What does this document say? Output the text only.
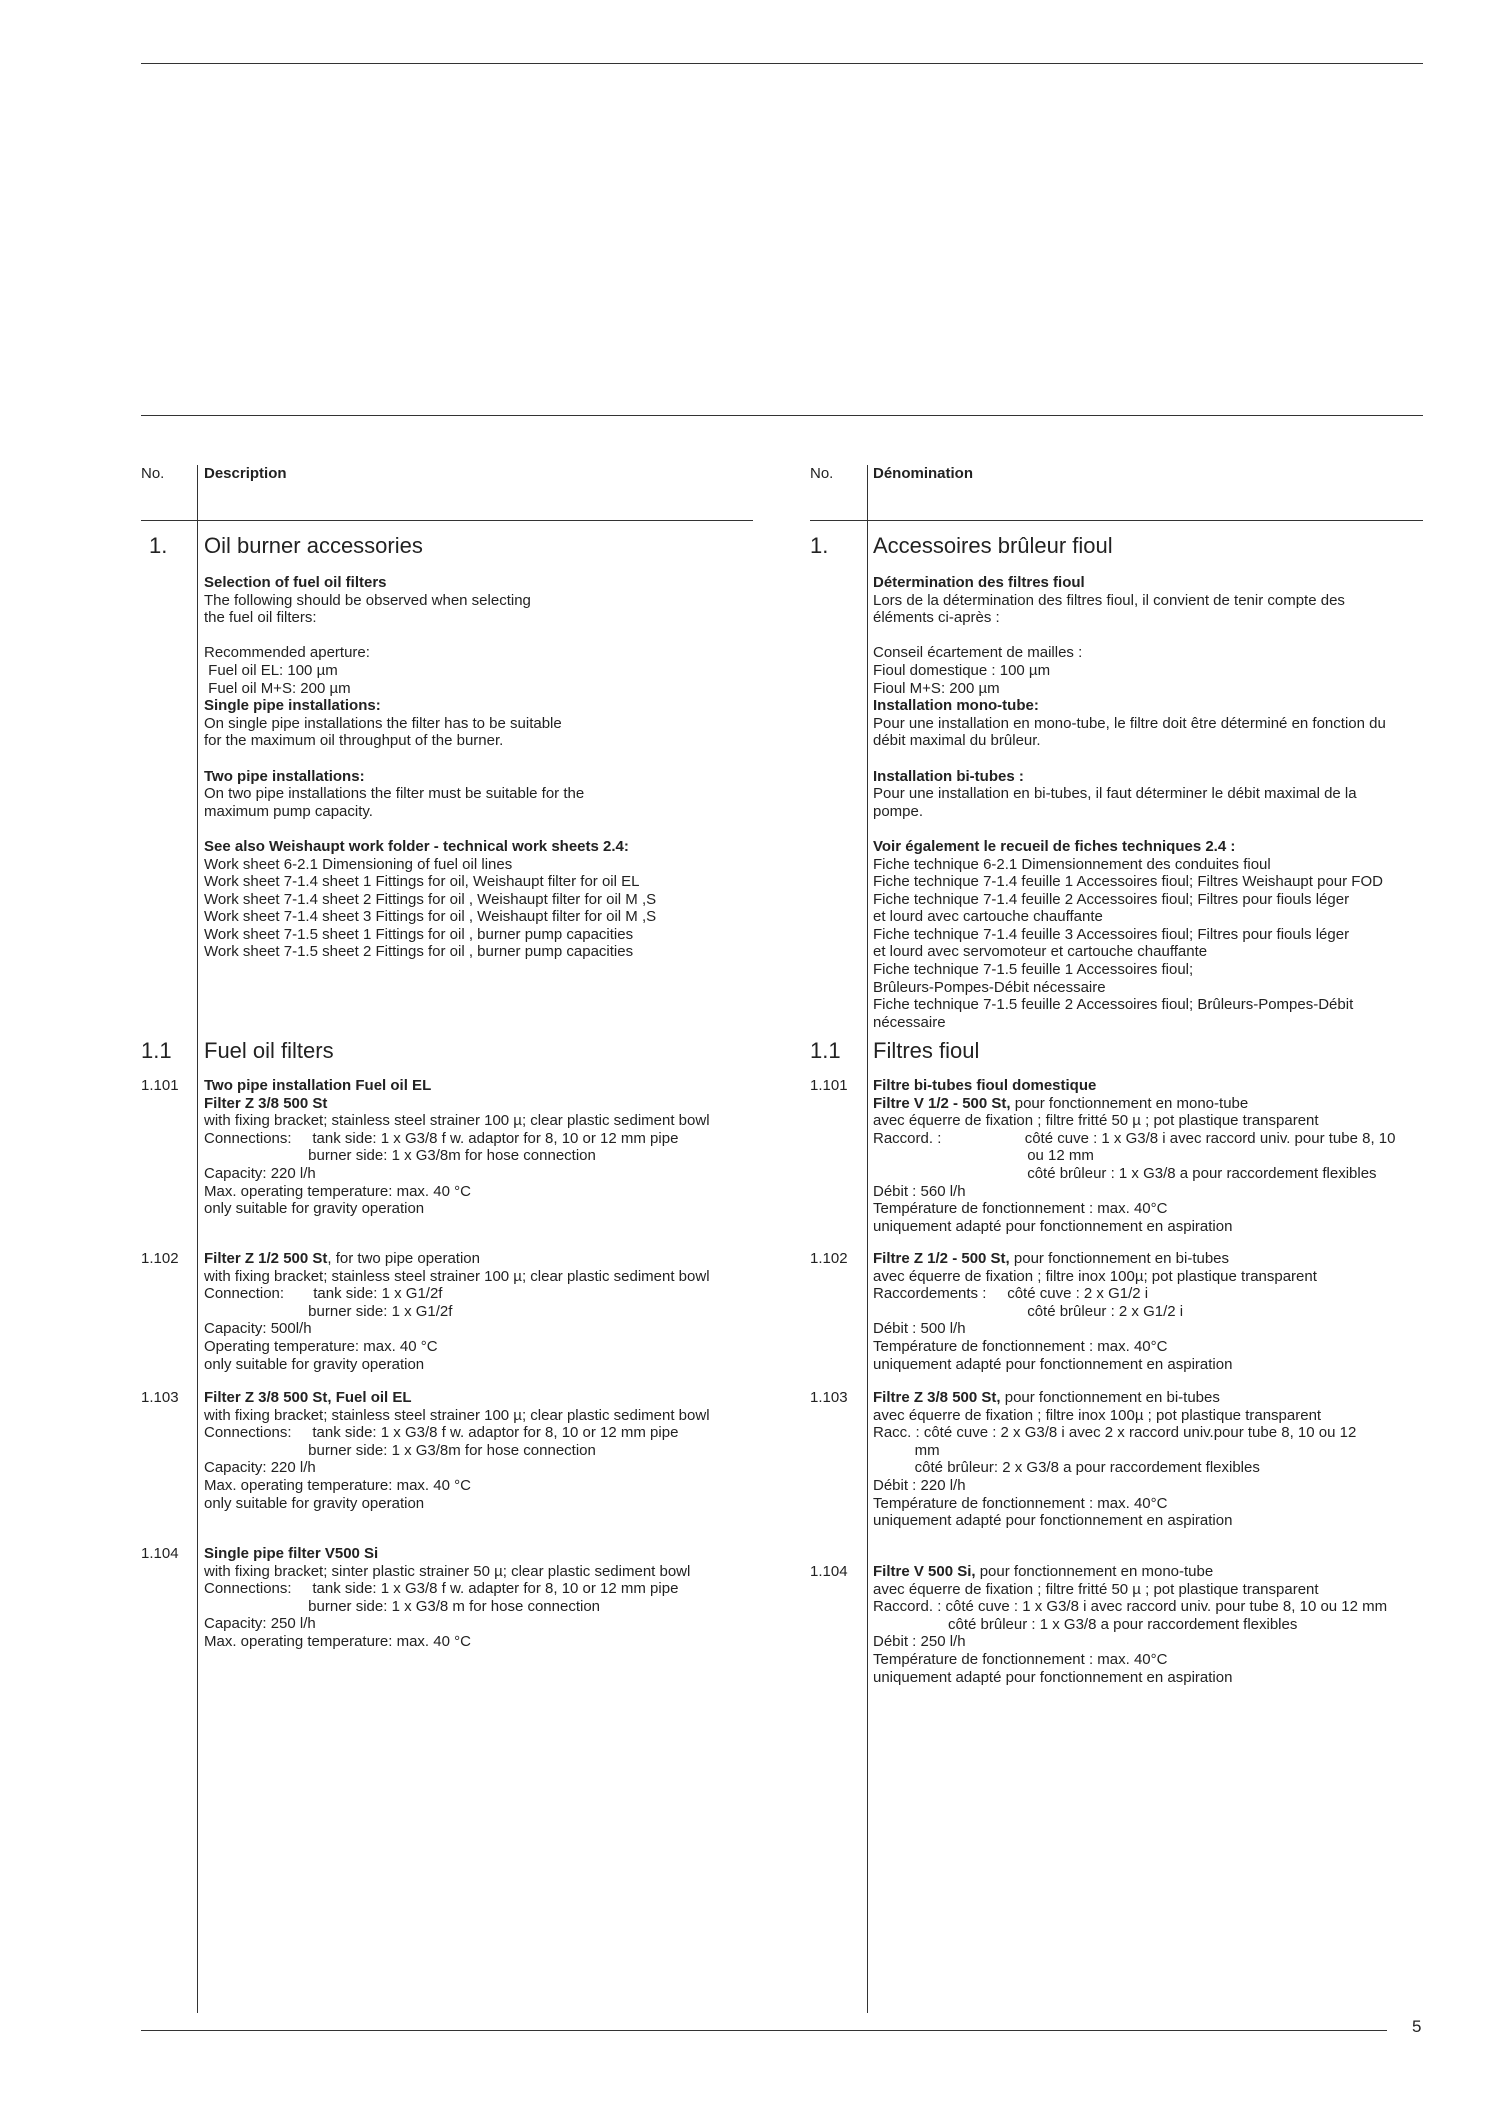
5
No.	Description
1. Oil burner accessories
Selection of fuel oil filters
The following should be observed when selecting
the fuel oil filters:
Recommended aperture:
Fuel oil EL: 100 µm
Fuel oil M+S: 200 µm
Single pipe installations:
On single pipe installations the filter has to be suitable
for the maximum oil throughput of the burner.
Two pipe installations:
On two pipe installations the filter must be suitable for the
maximum pump capacity.
See also Weishaupt work folder - technical work sheets 2.4:
Work sheet 6-2.1 Dimensioning of fuel oil lines
Work sheet 7-1.4 sheet 1 Fittings for oil, Weishaupt filter for oil EL
Work sheet 7-1.4 sheet 2 Fittings for oil , Weishaupt filter for oil M ,S
Work sheet 7-1.4 sheet 3 Fittings for oil , Weishaupt filter for oil M ,S
Work sheet 7-1.5 sheet 1 Fittings for oil , burner pump capacities
Work sheet 7-1.5 sheet 2 Fittings for oil , burner pump capacities
1.1 Fuel oil filters
1.101 Two pipe installation Fuel oil EL
Filter Z 3/8 500 St
with fixing bracket; stainless steel strainer 100 µ; clear plastic sediment bowl
Connections:     tank side: 1 x G3/8 f w. adaptor for 8, 10 or 12 mm pipe
burner side: 1 x G3/8m for hose connection
Capacity: 220 l/h
Max. operating temperature: max. 40 °C
only suitable for gravity operation
1.102 Filter Z 1/2 500 St, for two pipe operation
with fixing bracket; stainless steel strainer 100 µ; clear plastic sediment bowl
Connection:       tank side: 1 x G1/2f
burner side: 1 x G1/2f
Capacity: 500l/h
Operating temperature: max. 40 °C
only suitable for gravity operation
1.103 Filter Z 3/8 500 St, Fuel oil EL
with fixing bracket; stainless steel strainer 100 µ; clear plastic sediment bowl
Connections:     tank side: 1 x G3/8 f w. adaptor for 8, 10 or 12 mm pipe
burner side: 1 x G3/8m for hose connection
Capacity: 220 l/h
Max. operating temperature: max. 40 °C
only suitable for gravity operation
1.104 Single pipe filter V500 Si
with fixing bracket; sinter plastic strainer 50 µ; clear plastic sediment bowl
Connections:     tank side: 1 x G3/8 f w. adapter for 8, 10 or 12 mm pipe
burner side: 1 x G3/8 m for hose connection
Capacity: 250 l/h
Max. operating temperature: max. 40 °C
No.	Dénomination
1. Accessoires brûleur fioul
Détermination des filtres fioul
Lors de la détermination des filtres fioul, il convient de tenir compte des
éléments ci-après :
Conseil écartement de mailles :
Fioul domestique : 100 µm
Fioul M+S: 200 µm
Installation mono-tube:
Pour une installation en mono-tube, le filtre doit être déterminé en fonction du
débit maximal du brûleur.
Installation bi-tubes :
Pour une installation en bi-tubes, il faut déterminer le débit maximal de la
pompe.
Voir également le recueil de fiches techniques 2.4 :
Fiche technique 6-2.1 Dimensionnement des conduites fioul
Fiche technique 7-1.4 feuille 1 Accessoires fioul; Filtres Weishaupt pour FOD
Fiche technique 7-1.4 feuille 2 Accessoires fioul; Filtres pour fiouls léger
et lourd avec cartouche chauffante
Fiche technique 7-1.4 feuille 3 Accessoires fioul; Filtres pour fiouls léger
et lourd avec servomoteur et cartouche chauffante
Fiche technique 7-1.5 feuille 1 Accessoires fioul;
Brûleurs-Pompes-Débit nécessaire
Fiche technique 7-1.5 feuille 2 Accessoires fioul; Brûleurs-Pompes-Débit
nécessaire
1.1 Filtres fioul
1.101 Filtre bi-tubes fioul domestique
Filtre V 1/2 - 500 St, pour fonctionnement en mono-tube
avec équerre de fixation ; filtre fritté 50 µ ; pot plastique transparent
Raccord. :                    côté cuve : 1 x G3/8 i avec raccord univ. pour tube 8, 10
ou 12 mm
côté brûleur : 1 x G3/8 a pour raccordement flexibles
Débit : 560 l/h
Température de fonctionnement : max. 40°C
uniquement adapté pour fonctionnement en aspiration
1.102 Filtre Z 1/2 - 500 St, pour fonctionnement en bi-tubes
avec équerre de fixation ; filtre inox 100µ; pot plastique transparent
Raccordements :     côté cuve : 2 x G1/2 i
côté brûleur : 2 x G1/2 i
Débit : 500 l/h
Température de fonctionnement : max. 40°C
uniquement adapté pour fonctionnement en aspiration
1.103 Filtre Z 3/8 500 St, pour fonctionnement en bi-tubes
avec équerre de fixation ; filtre inox 100µ ; pot plastique transparent
Racc. : côté cuve : 2 x G3/8 i avec 2 x raccord univ.pour tube 8, 10 ou 12
mm
côté brûleur: 2 x G3/8 a pour raccordement flexibles
Débit : 220 l/h
Température de fonctionnement : max. 40°C
uniquement adapté pour fonctionnement en aspiration
1.104 Filtre V 500 Si, pour fonctionnement en mono-tube
avec équerre de fixation ; filtre fritté 50 µ ; pot plastique transparent
Raccord. : côté cuve : 1 x G3/8 i avec raccord univ. pour tube 8, 10 ou 12 mm
côté brûleur : 1 x G3/8 a pour raccordement flexibles
Débit : 250 l/h
Température de fonctionnement : max. 40°C
uniquement adapté pour fonctionnement en aspiration
